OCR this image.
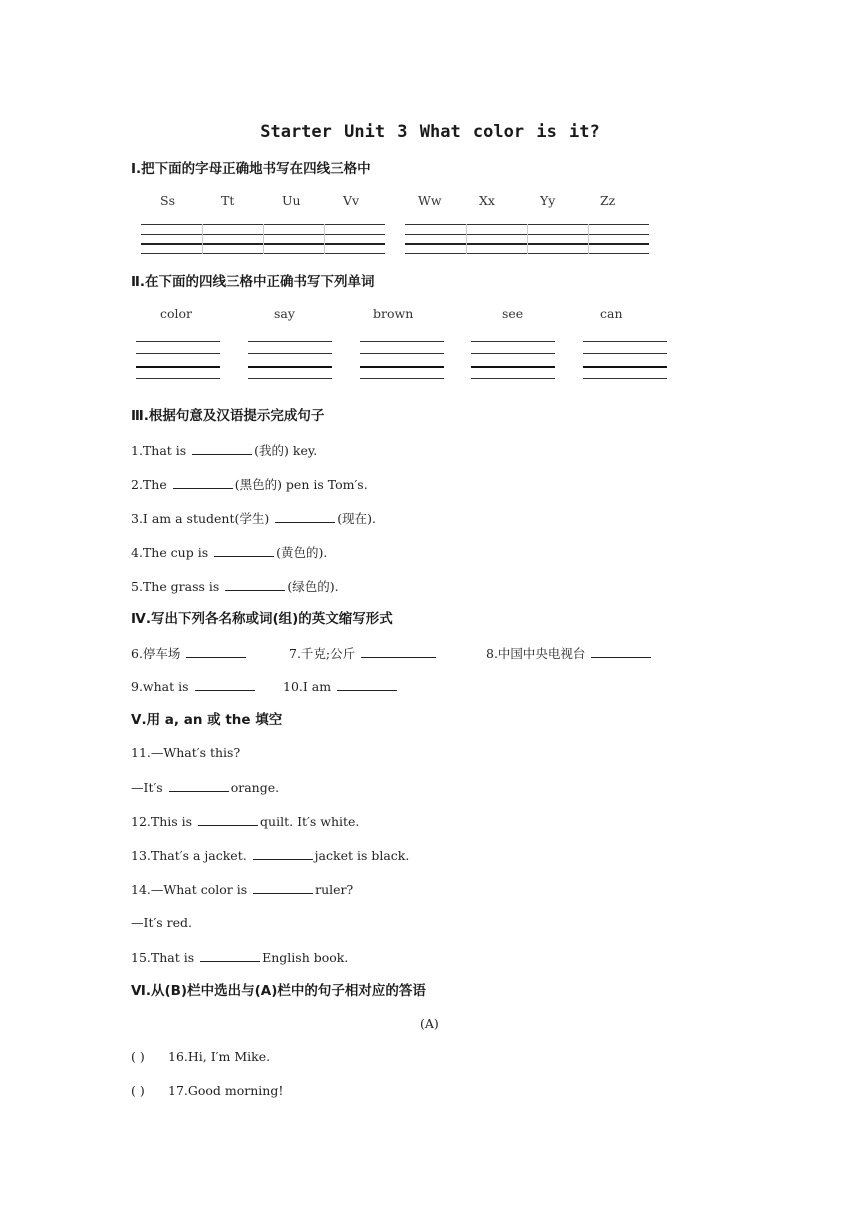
Starter Unit 3 What color is it?
Ⅰ.把下面的字母正确地书写在四线三格中
Ss	Tt	Uu	Vv	Ww	Xx	Yy	Zz
Ⅱ.在下面的四线三格中正确书写下列单词
color	say	brown	see	can
Ⅲ.根据句意及汉语提示完成句子
1.That is	(我的) key.
2.The	(黑色的) pen is Tom′s.
3.I am a student(学生)	(现在).
4.The cup is	(黄色的).
5.The grass is	(绿色的).
Ⅳ.写出下列各名称或词(组)的英文缩写形式
6.停车场	7.千克;公斤	8.中国中央电视台
9.what is	10.I am
Ⅴ.用 a, an 或 the 填空
11.—What′s this?
—It′s	orange.
12.This is	quilt. It′s white.
13.That′s a jacket.	jacket is black.
14.—What color is	ruler?
—It′s red.
15.That is	English book.
Ⅵ.从(B)栏中选出与(A)栏中的句子相对应的答语
(A)
( ) 16.Hi, I′m Mike.
( ) 17.Good morning!
